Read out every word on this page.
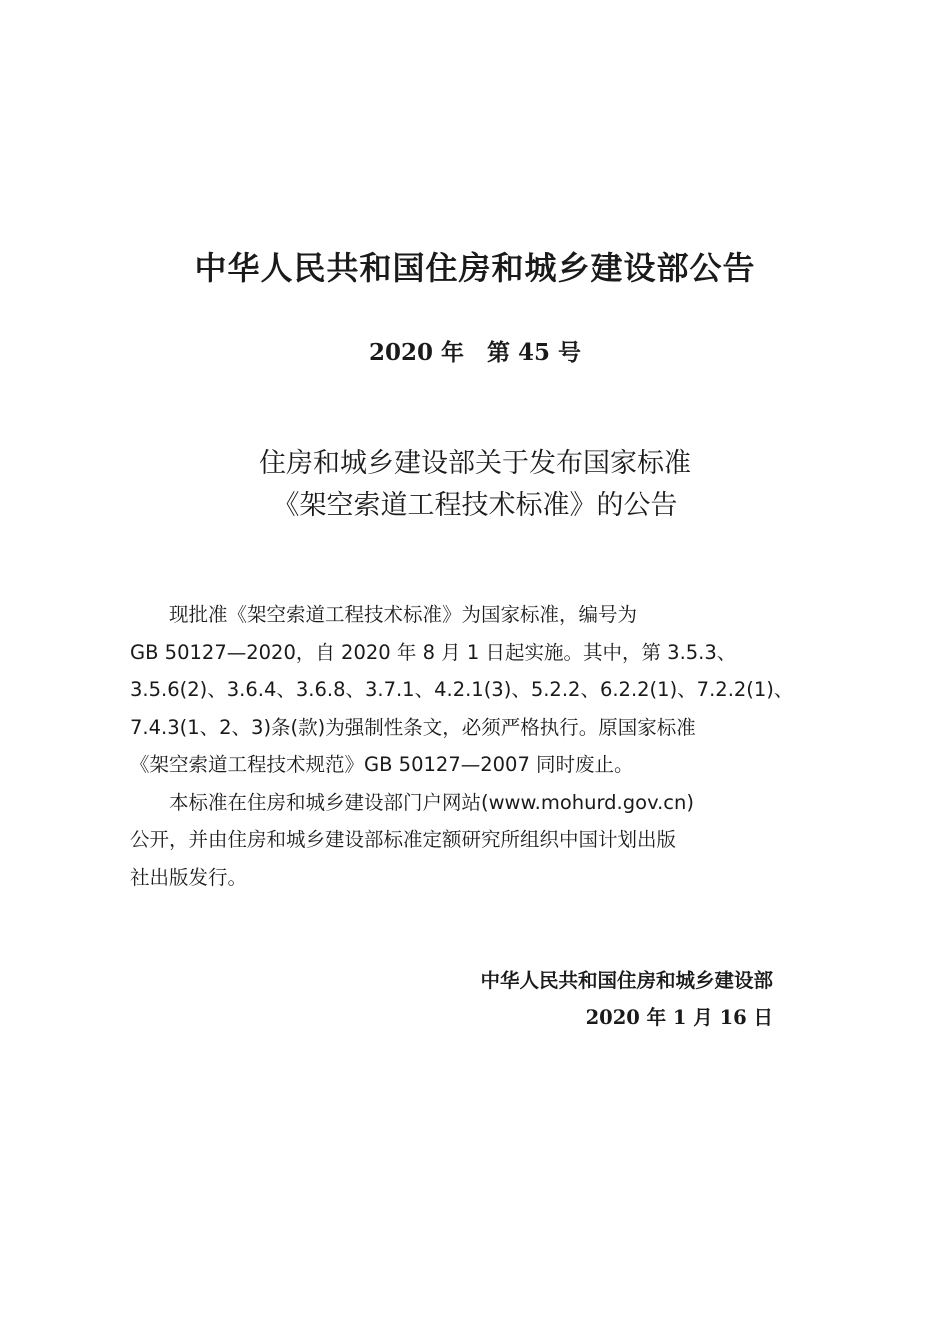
中华人民共和国住房和城乡建设部公告
2020 年　第 45 号
住房和城乡建设部关于发布国家标准
《架空索道工程技术标准》的公告

现批准《架空索道工程技术标准》为国家标准，编号为
GB 50127—2020，自 2020 年 8 月 1 日起实施。其中，第 3.5.3、
3.5.6(2)、3.6.4、3.6.8、3.7.1、4.2.1(3)、5.2.2、6.2.2(1)、7.2.2(1)、
7.4.3(1、2、3)条(款)为强制性条文，必须严格执行。原国家标准
《架空索道工程技术规范》GB 50127—2007 同时废止。

本标准在住房和城乡建设部门户网站(www.mohurd.gov.cn)
公开，并由住房和城乡建设部标准定额研究所组织中国计划出版
社出版发行。

中华人民共和国住房和城乡建设部
2020 年 1 月 16 日
